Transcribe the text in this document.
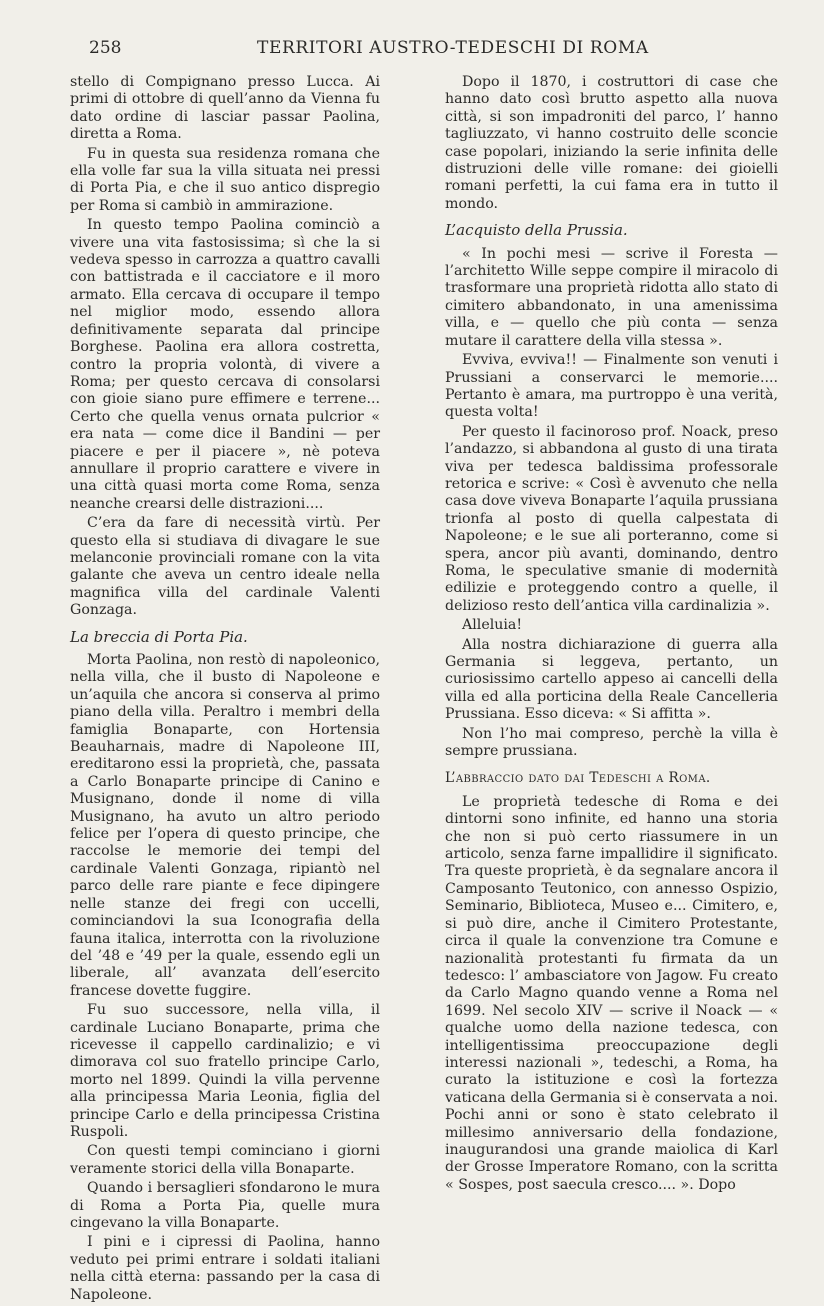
258	TERRITORI AUSTRO-TEDESCHI DI ROMA

stello di Compignano presso Lucca. Ai primi di ottobre di quell’anno da Vienna fu dato ordine di lasciar passar Paolina, diretta a Roma.

Fu in questa sua residenza romana che ella volle far sua la villa situata nei pressi di Porta Pia, e che il suo antico dispregio per Roma si cambiò in ammirazione.

In questo tempo Paolina cominciò a vivere una vita fastosissima; sì che la si vedeva spesso in carrozza a quattro cavalli con battistrada e il cacciatore e il moro armato. Ella cercava di occupare il tempo nel miglior modo, essendo allora definitivamente separata dal principe Borghese. Paolina era allora costretta, contro la propria volontà, di vivere a Roma; per questo cercava di consolarsi con gioie siano pure effimere e terrene... Certo che quella venus ornata pulcrior « era nata — come dice il Bandini — per piacere e per il piacere », nè poteva annullare il proprio carattere e vivere in una città quasi morta come Roma, senza neanche crearsi delle distrazioni....

C’era da fare di necessità virtù. Per questo ella si studiava di divagare le sue melanconie provinciali romane con la vita galante che aveva un centro ideale nella magnifica villa del cardinale Valenti Gonzaga.

La breccia di Porta Pia.

Morta Paolina, non restò di napoleonico, nella villa, che il busto di Napoleone e un’aquila che ancora si conserva al primo piano della villa. Peraltro i membri della famiglia Bonaparte, con Hortensia Beauharnais, madre di Napoleone III, ereditarono essi la proprietà, che, passata a Carlo Bonaparte principe di Canino e Musignano, donde il nome di villa Musignano, ha avuto un altro periodo felice per l’opera di questo principe, che raccolse le memorie dei tempi del cardinale Valenti Gonzaga, ripiantò nel parco delle rare piante e fece dipingere nelle stanze dei fregi con uccelli, cominciandovi la sua Iconografia della fauna italica, interrotta con la rivoluzione del ’48 e ’49 per la quale, essendo egli un liberale, all’ avanzata dell’esercito francese dovette fuggire.

Fu suo successore, nella villa, il cardinale Luciano Bonaparte, prima che ricevesse il cappello cardinalizio; e vi dimorava col suo fratello principe Carlo, morto nel 1899. Quindi la villa pervenne alla principessa Maria Leonia, figlia del principe Carlo e della principessa Cristina Ruspoli.

Con questi tempi cominciano i giorni veramente storici della villa Bonaparte.

Quando i bersaglieri sfondarono le mura di Roma a Porta Pia, quelle mura cingevano la villa Bonaparte.

I pini e i cipressi di Paolina, hanno veduto pei primi entrare i soldati italiani nella città eterna: passando per la casa di Napoleone.

Dopo il 1870, i costruttori di case che hanno dato così brutto aspetto alla nuova città, si son impadroniti del parco, l’ hanno tagliuzzato, vi hanno costruito delle sconcie case popolari, iniziando la serie infinita delle distruzioni delle ville romane: dei gioielli romani perfetti, la cui fama era in tutto il mondo.

L’acquisto della Prussia.

« In pochi mesi — scrive il Foresta — l’architetto Wille seppe compire il miracolo di trasformare una proprietà ridotta allo stato di cimitero abbandonato, in una amenissima villa, e — quello che più conta — senza mutare il carattere della villa stessa ».

Evviva, evviva!! — Finalmente son venuti i Prussiani a conservarci le memorie.... Pertanto è amara, ma purtroppo è una verità, questa volta!

Per questo il facinoroso prof. Noack, preso l’andazzo, si abbandona al gusto di una tirata viva per tedesca baldissima professorale retorica e scrive: « Così è avvenuto che nella casa dove viveva Bonaparte l’aquila prussiana trionfa al posto di quella calpestata di Napoleone; e le sue ali porteranno, come si spera, ancor più avanti, dominando, dentro Roma, le speculative smanie di modernità edilizie e proteggendo contro a quelle, il delizioso resto dell’antica villa cardinalizia ».

Alleluia!

Alla nostra dichiarazione di guerra alla Germania si leggeva, pertanto, un curiosissimo cartello appeso ai cancelli della villa ed alla porticina della Reale Cancelleria Prussiana. Esso diceva: « Si affitta ».

Non l’ho mai compreso, perchè la villa è sempre prussiana.

L’abbraccio dato dai Tedeschi a Roma.

Le proprietà tedesche di Roma e dei dintorni sono infinite, ed hanno una storia che non si può certo riassumere in un articolo, senza farne impallidire il significato. Tra queste proprietà, è da segnalare ancora il Camposanto Teutonico, con annesso Ospizio, Seminario, Biblioteca, Museo e... Cimitero, e, si può dire, anche il Cimitero Protestante, circa il quale la convenzione tra Comune e nazionalità protestanti fu firmata da un tedesco: l’ ambasciatore von Jagow. Fu creato da Carlo Magno quando venne a Roma nel 1699. Nel secolo XIV — scrive il Noack — « qualche uomo della nazione tedesca, con intelligentissima preoccupazione degli interessi nazionali », tedeschi, a Roma, ha curato la istituzione e così la fortezza vaticana della Germania si è conservata a noi. Pochi anni or sono è stato celebrato il millesimo anniversario della fondazione, inaugurandosi una grande maiolica di Karl der Grosse Imperatore Romano, con la scritta « Sospes, post saecula cresco.... ». Dopo
